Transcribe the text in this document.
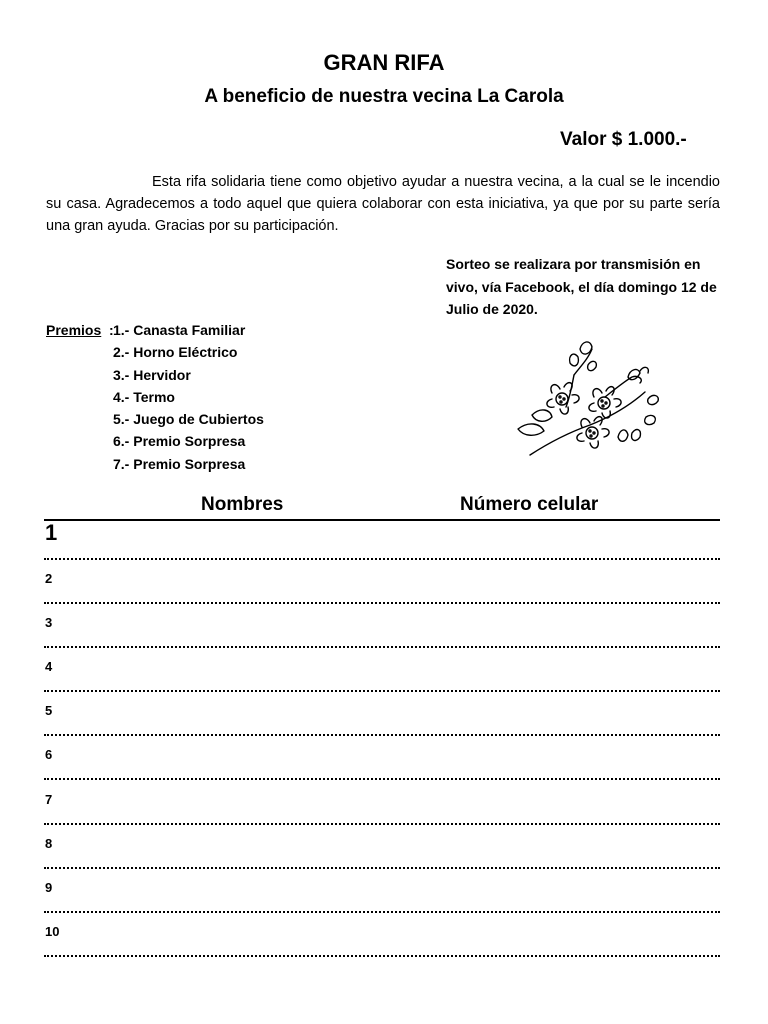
GRAN RIFA
A beneficio de nuestra vecina La Carola
Valor $ 1.000.-
Esta rifa solidaria tiene como objetivo ayudar a nuestra vecina, a la cual se le incendio su casa. Agradecemos a todo aquel que quiera colaborar con esta iniciativa, ya que por su parte sería una gran ayuda. Gracias por su participación.
Sorteo se realizara por transmisión en vivo, vía Facebook, el día domingo 12 de Julio de 2020.
Premios : 1.- Canasta Familiar
2.- Horno Eléctrico
3.- Hervidor
4.- Termo
5.- Juego de Cubiertos
6.- Premio Sorpresa
7.- Premio Sorpresa
Nombres	Número celular
1
2
3
4
5
6
7
8
9
10
